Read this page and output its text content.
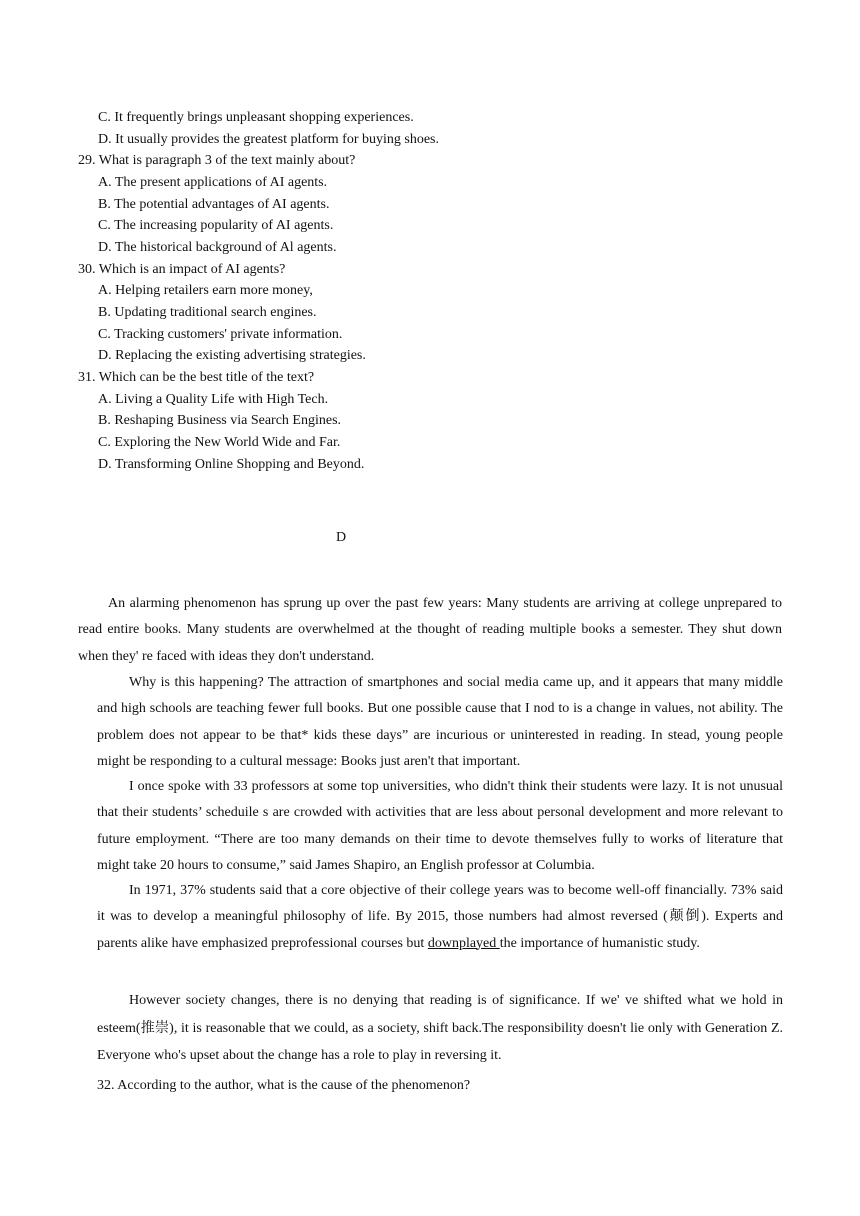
C. It frequently brings unpleasant shopping experiences.
D. It usually provides the greatest platform for buying shoes.
29. What is paragraph 3 of the text mainly about?
A. The present applications of AI agents.
B. The potential advantages of AI agents.
C. The increasing popularity of AI agents.
D. The historical background of Al agents.
30. Which is an impact of AI agents?
A. Helping retailers earn more money,
B. Updating traditional search engines.
C. Tracking customers' private information.
D. Replacing the existing advertising strategies.
31. Which can be the best title of the text?
A. Living a Quality Life with High Tech.
B. Reshaping Business via Search Engines.
C. Exploring the New World Wide and Far.
D. Transforming Online Shopping and Beyond.
D
An alarming phenomenon has sprung up over the past few years: Many students are arriving at college unprepared to read entire books. Many students are overwhelmed at the thought of reading multiple books a semester. They shut down when they' re faced with ideas they don't understand.
Why is this happening? The attraction of smartphones and social media came up, and it appears that many middle and high schools are teaching fewer full books. But one possible cause that I nod to is a change in values, not ability. The problem does not appear to be that* kids these days” are incurious or uninterested in reading. In stead, young people might be responding to a cultural message: Books just aren't that important.
I once spoke with 33 professors at some top universities, who didn't think their students were lazy. It is not unusual that their students’ scheduile s are crowded with activities that are less about personal development and more relevant to future employment. “There are too many demands on their time to devote themselves fully to works of literature that might take 20 hours to consume,” said James Shapiro, an English professor at Columbia.
In 1971, 37% students said that a core objective of their college years was to become well-off financially. 73% said it was to develop a meaningful philosophy of life. By 2015, those numbers had almost reversed (颠倒). Experts and parents alike have emphasized preprofessional courses but downplayed the importance of humanistic study.
However society changes, there is no denying that reading is of significance. If we' ve shifted what we hold in esteem(推崇), it is reasonable that we could, as a society, shift back.The responsibility doesn't lie only with Generation Z. Everyone who's upset about the change has a role to play in reversing it.
32. According to the author, what is the cause of the phenomenon?
